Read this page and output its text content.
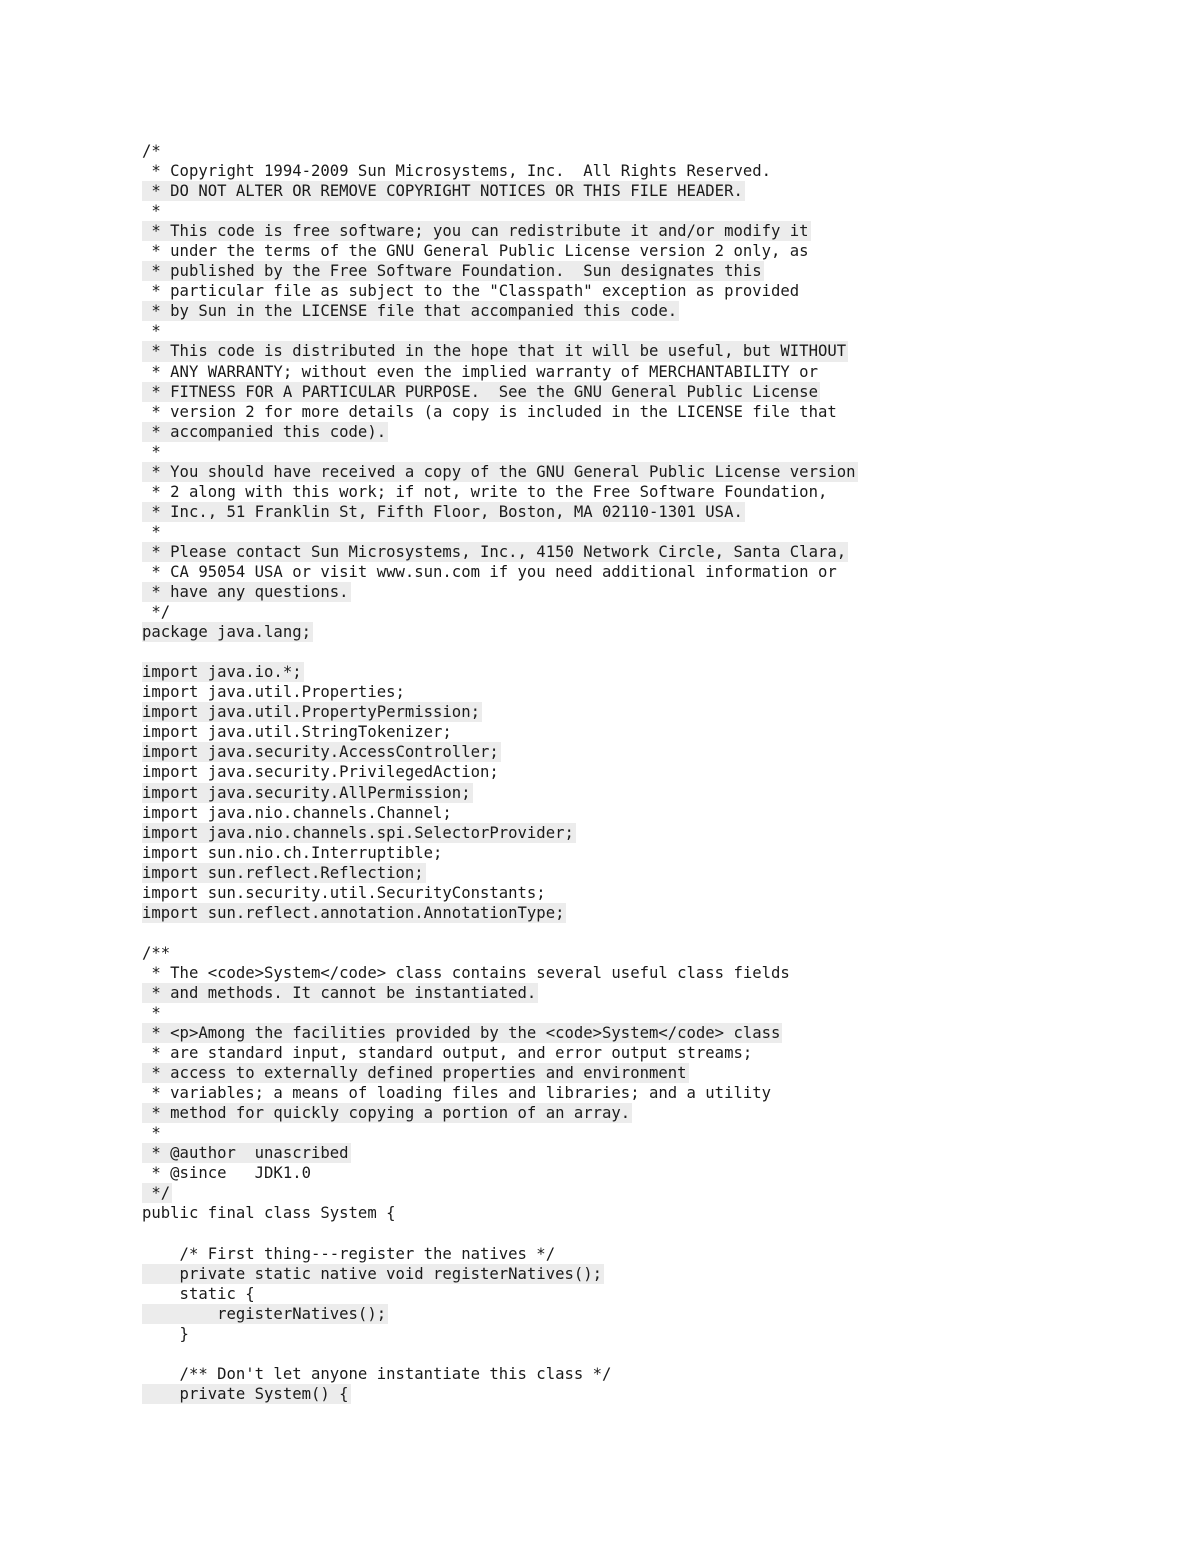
/*
* Copyright 1994-2009 Sun Microsystems, Inc.  All Rights Reserved.
* DO NOT ALTER OR REMOVE COPYRIGHT NOTICES OR THIS FILE HEADER.
*
* This code is free software; you can redistribute it and/or modify it
* under the terms of the GNU General Public License version 2 only, as
* published by the Free Software Foundation.  Sun designates this
* particular file as subject to the "Classpath" exception as provided
* by Sun in the LICENSE file that accompanied this code.
*
* This code is distributed in the hope that it will be useful, but WITHOUT
* ANY WARRANTY; without even the implied warranty of MERCHANTABILITY or
* FITNESS FOR A PARTICULAR PURPOSE.  See the GNU General Public License
* version 2 for more details (a copy is included in the LICENSE file that
* accompanied this code).
*
* You should have received a copy of the GNU General Public License version
* 2 along with this work; if not, write to the Free Software Foundation,
* Inc., 51 Franklin St, Fifth Floor, Boston, MA 02110-1301 USA.
*
* Please contact Sun Microsystems, Inc., 4150 Network Circle, Santa Clara,
* CA 95054 USA or visit www.sun.com if you need additional information or
* have any questions.
*/
package java.lang;
import java.io.*;
import java.util.Properties;
import java.util.PropertyPermission;
import java.util.StringTokenizer;
import java.security.AccessController;
import java.security.PrivilegedAction;
import java.security.AllPermission;
import java.nio.channels.Channel;
import java.nio.channels.spi.SelectorProvider;
import sun.nio.ch.Interruptible;
import sun.reflect.Reflection;
import sun.security.util.SecurityConstants;
import sun.reflect.annotation.AnnotationType;
/**
* The <code>System</code> class contains several useful class fields
* and methods. It cannot be instantiated.
*
* <p>Among the facilities provided by the <code>System</code> class
* are standard input, standard output, and error output streams;
* access to externally defined properties and environment
* variables; a means of loading files and libraries; and a utility
* method for quickly copying a portion of an array.
*
* @author  unascribed
* @since   JDK1.0
*/
public final class System {
/* First thing---register the natives */
private static native void registerNatives();
static {
registerNatives();
}
/** Don't let anyone instantiate this class */
private System() {
